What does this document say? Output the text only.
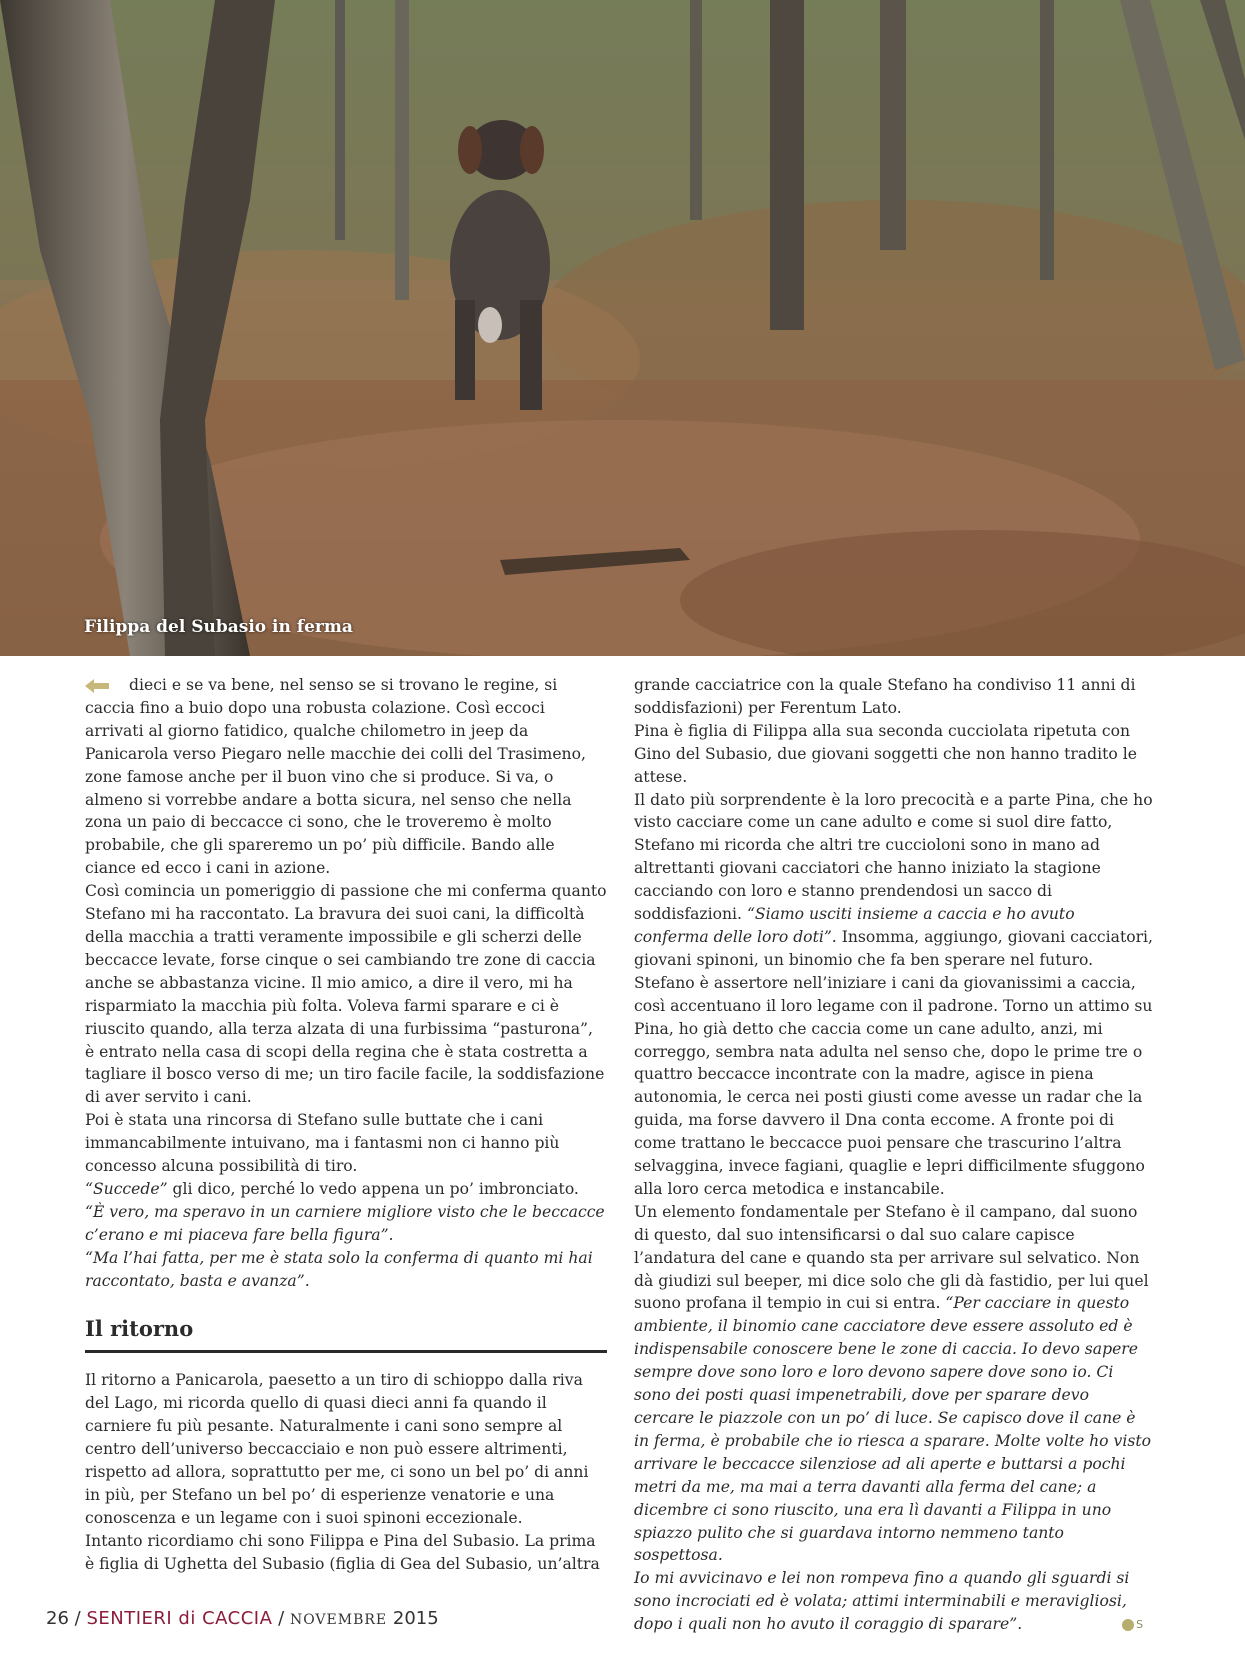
Filippa del Subasio in ferma

dieci e se va bene, nel senso se si trovano le regine, si caccia fino a buio dopo una robusta colazione. Così eccoci arrivati al giorno fatidico, qualche chilometro in jeep da Panicarola verso Piegaro nelle macchie dei colli del Trasimeno, zone famose anche per il buon vino che si produce. Si va, o almeno si vorrebbe andare a botta sicura, nel senso che nella zona un paio di beccacce ci sono, che le troveremo è molto probabile, che gli spareremo un po’ più difficile. Bando alle ciance ed ecco i cani in azione.

Così comincia un pomeriggio di passione che mi conferma quanto Stefano mi ha raccontato. La bravura dei suoi cani, la difficoltà della macchia a tratti veramente impossibile e gli scherzi delle beccacce levate, forse cinque o sei cambiando tre zone di caccia anche se abbastanza vicine. Il mio amico, a dire il vero, mi ha risparmiato la macchia più folta. Voleva farmi sparare e ci è riuscito quando, alla terza alzata di una furbissima “pasturona”, è entrato nella casa di scopi della regina che è stata costretta a tagliare il bosco verso di me; un tiro facile facile, la soddisfazione di aver servito i cani.

Poi è stata una rincorsa di Stefano sulle buttate che i cani immancabilmente intuivano, ma i fantasmi non ci hanno più concesso alcuna possibilità di tiro.

“Succede” gli dico, perché lo vedo appena un po’ imbronciato.

“È vero, ma speravo in un carniere migliore visto che le beccacce c’erano e mi piaceva fare bella figura”.

“Ma l’hai fatta, per me è stata solo la conferma di quanto mi hai raccontato, basta e avanza”.

Il ritorno

Il ritorno a Panicarola, paesetto a un tiro di schioppo dalla riva del Lago, mi ricorda quello di quasi dieci anni fa quando il carniere fu più pesante. Naturalmente i cani sono sempre al centro dell’universo beccacciaio e non può essere altrimenti, rispetto ad allora, soprattutto per me, ci sono un bel po’ di anni in più, per Stefano un bel po’ di esperienze venatorie e una conoscenza e un legame con i suoi spinoni eccezionale.

Intanto ricordiamo chi sono Filippa e Pina del Subasio. La prima è figlia di Ughetta del Subasio (figlia di Gea del Subasio, un’altra

grande cacciatrice con la quale Stefano ha condiviso 11 anni di soddisfazioni) per Ferentum Lato.

Pina è figlia di Filippa alla sua seconda cucciolata ripetuta con Gino del Subasio, due giovani soggetti che non hanno tradito le attese.

Il dato più sorprendente è la loro precocità e a parte Pina, che ho visto cacciare come un cane adulto e come si suol dire fatto, Stefano mi ricorda che altri tre cuccioloni sono in mano ad altrettanti giovani cacciatori che hanno iniziato la stagione cacciando con loro e stanno prendendosi un sacco di soddisfazioni. “Siamo usciti insieme a caccia e ho avuto conferma delle loro doti”. Insomma, aggiungo, giovani cacciatori, giovani spinoni, un binomio che fa ben sperare nel futuro.

Stefano è assertore nell’iniziare i cani da giovanissimi a caccia, così accentuano il loro legame con il padrone. Torno un attimo su Pina, ho già detto che caccia come un cane adulto, anzi, mi correggo, sembra nata adulta nel senso che, dopo le prime tre o quattro beccacce incontrate con la madre, agisce in piena autonomia, le cerca nei posti giusti come avesse un radar che la guida, ma forse davvero il Dna conta eccome. A fronte poi di come trattano le beccacce puoi pensare che trascurino l’altra selvaggina, invece fagiani, quaglie e lepri difficilmente sfuggono alla loro cerca metodica e instancabile.

Un elemento fondamentale per Stefano è il campano, dal suono di questo, dal suo intensificarsi o dal suo calare capisce l’andatura del cane e quando sta per arrivare sul selvatico. Non dà giudizi sul beeper, mi dice solo che gli dà fastidio, per lui quel suono profana il tempio in cui si entra. “Per cacciare in questo ambiente, il binomio cane cacciatore deve essere assoluto ed è indispensabile conoscere bene le zone di caccia. Io devo sapere sempre dove sono loro e loro devono sapere dove sono io. Ci sono dei posti quasi impenetrabili, dove per sparare devo cercare le piazzole con un po’ di luce. Se capisco dove il cane è in ferma, è probabile che io riesca a sparare. Molte volte ho visto arrivare le beccacce silenziose ad ali aperte e buttarsi a pochi metri da me, ma mai a terra davanti alla ferma del cane; a dicembre ci sono riuscito, una era lì davanti a Filippa in uno spiazzo pulito che si guardava intorno nemmeno tanto sospettosa.

Io mi avvicinavo e lei non rompeva fino a quando gli sguardi si sono incrociati ed è volata; attimi interminabili e meravigliosi, dopo i quali non ho avuto il coraggio di sparare”.	S

26 / SENTIERI di CACCIA / NOVEMBRE 2015
